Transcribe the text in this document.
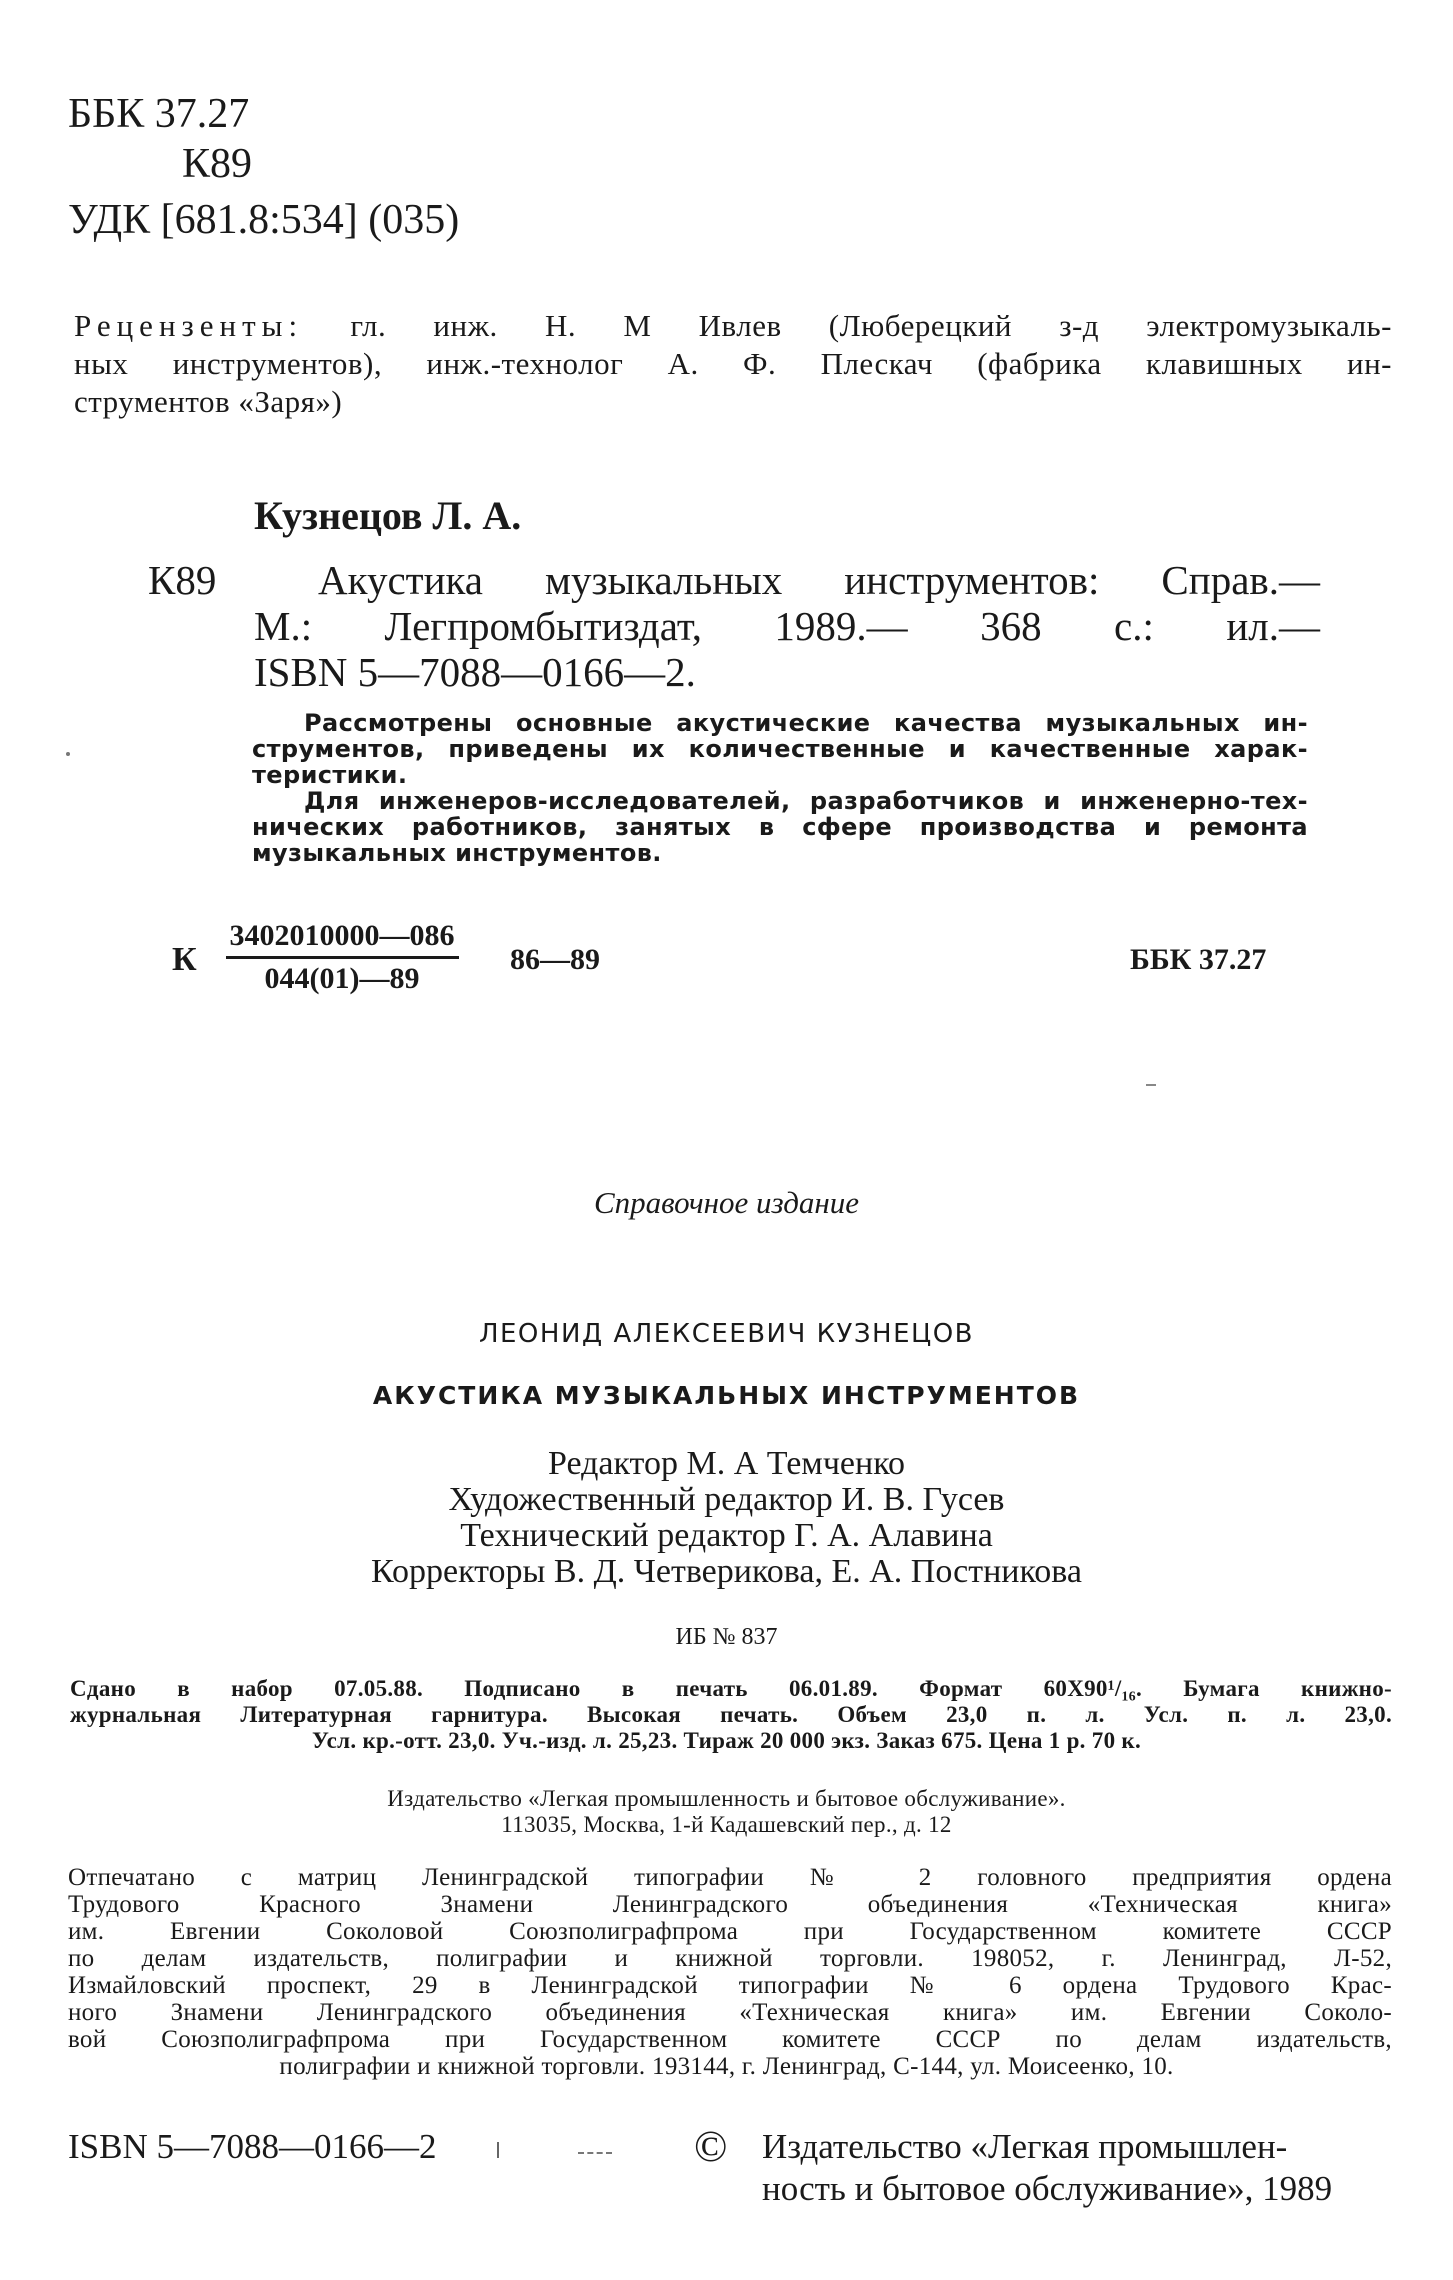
ББК 37.27
К89
УДК [681.8:534] (035)
Рецензенты: гл. инж. Н. М Ивлев (Люберецкий з-д электромузыкаль-
ных инструментов), инж.-технолог А. Ф. Плескач (фабрика клавишных ин-
струментов «Заря»)
Кузнецов Л. А.
К89 Акустика музыкальных инструментов: Справ.—
М.: Легпромбытиздат, 1989.— 368 с.: ил.—
ISBN 5—7088—0166—2.
Рассмотрены основные акустические качества музыкальных ин-
струментов, приведены их количественные и качественные харак-
теристики.
Для инженеров-исследователей, разработчиков и инженерно-тех-
нических работников, занятых в сфере производства и ремонта
музыкальных инструментов.
К $\frac{3402010000—086}{044(01)—89}$ 86—89	ББК 37.27
Справочное издание
ЛЕОНИД АЛЕКСЕЕВИЧ КУЗНЕЦОВ
АКУСТИКА МУЗЫКАЛЬНЫХ ИНСТРУМЕНТОВ
Редактор М. А Темченко
Художественный редактор И. В. Гусев
Технический редактор Г. А. Алавина
Корректоры В. Д. Четверикова, Е. А. Постникова
ИБ № 837
Сдано в набор 07.05.88. Подписано в печать 06.01.89. Формат 60Х90¹/₁₆. Бумага книжно-
журнальная Литературная гарнитура. Высокая печать. Объем 23,0 п. л. Усл. п. л. 23,0.
Усл. кр.-отт. 23,0. Уч.-изд. л. 25,23. Тираж 20 000 экз. Заказ 675. Цена 1 р. 70 к.
Издательство «Легкая промышленность и бытовое обслуживание».
113035, Москва, 1-й Кадашевский пер., д. 12
Отпечатано с матриц Ленинградской типографии № 2 головного предприятия ордена
Трудового Красного Знамени Ленинградского объединения «Техническая книга»
им. Евгении Соколовой Союзполиграфпрома при Государственном комитете СССР
по делам издательств, полиграфии и книжной торговли. 198052, г. Ленинград, Л-52,
Измайловский проспект, 29 в Ленинградской типографии № 6 ордена Трудового Крас-
ного Знамени Ленинградского объединения «Техническая книга» им. Евгении Соколо-
вой Союзполиграфпрома при Государственном комитете СССР по делам издательств,
полиграфии и книжной торговли. 193144, г. Ленинград, С-144, ул. Моисеенко, 10.
ISBN 5—7088—0166—2	© Издательство «Легкая промышлен-
ность и бытовое обслуживание», 1989
